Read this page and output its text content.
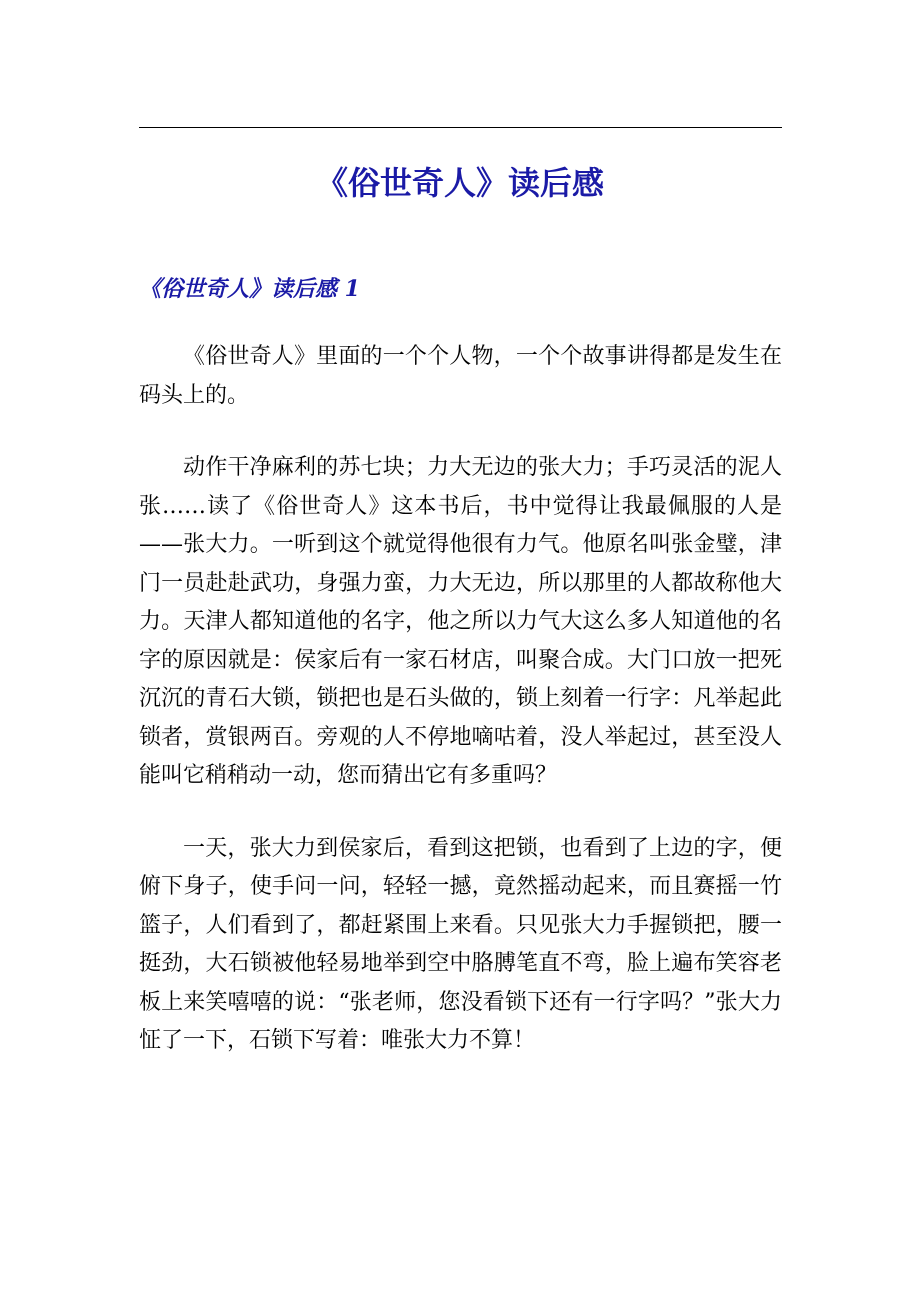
《俗世奇人》读后感
《俗世奇人》读后感 1

《俗世奇人》里面的一个个人物，一个个故事讲得都是发生在码头上的。

动作干净麻利的苏七块；力大无边的张大力；手巧灵活的泥人张……读了《俗世奇人》这本书后，书中觉得让我最佩服的人是——张大力。一听到这个就觉得他很有力气。他原名叫张金璧，津门一员赴赴武功，身强力蛮，力大无边，所以那里的人都故称他大力。天津人都知道他的名字，他之所以力气大这么多人知道他的名字的原因就是：侯家后有一家石材店，叫聚合成。大门口放一把死沉沉的青石大锁，锁把也是石头做的，锁上刻着一行字：凡举起此锁者，赏银两百。旁观的人不停地嘀咕着，没人举起过，甚至没人能叫它稍稍动一动，您而猜出它有多重吗？

一天，张大力到侯家后，看到这把锁，也看到了上边的字，便俯下身子，使手问一问，轻轻一撼，竟然摇动起来，而且赛摇一竹篮子，人们看到了，都赶紧围上来看。只见张大力手握锁把，腰一挺劲，大石锁被他轻易地举到空中胳膊笔直不弯，脸上遍布笑容老板上来笑嘻嘻的说：“张老师，您没看锁下还有一行字吗？”张大力怔了一下，石锁下写着：唯张大力不算！
